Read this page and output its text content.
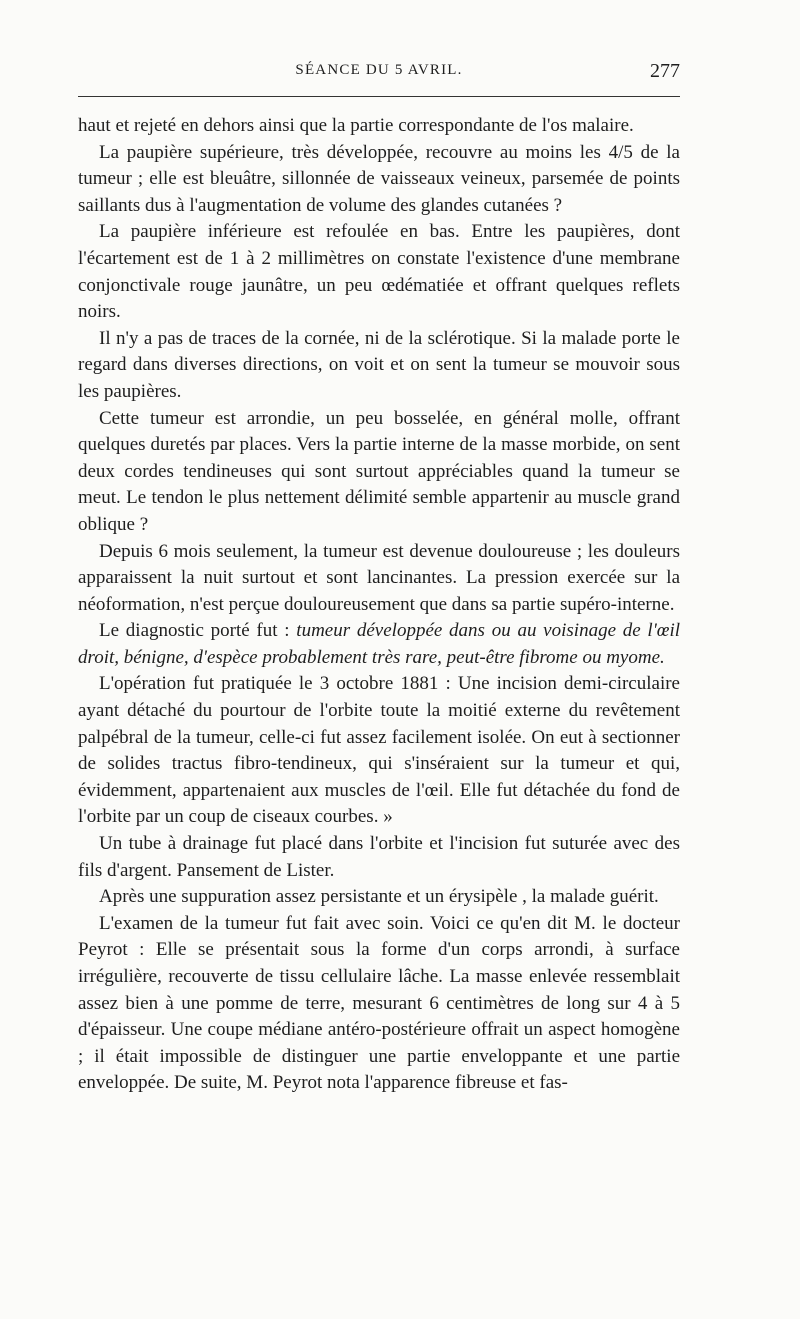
SÉANCE DU 5 AVRIL.	277

haut et rejeté en dehors ainsi que la partie correspondante de l'os malaire.

La paupière supérieure, très développée, recouvre au moins les 4/5 de la tumeur ; elle est bleuâtre, sillonnée de vaisseaux veineux, parsemée de points saillants dus à l'augmentation de volume des glandes cutanées ?

La paupière inférieure est refoulée en bas. Entre les paupières, dont l'écartement est de 1 à 2 millimètres on constate l'existence d'une membrane conjonctivale rouge jaunâtre, un peu œdématiée et offrant quelques reflets noirs.

Il n'y a pas de traces de la cornée, ni de la sclérotique. Si la malade porte le regard dans diverses directions, on voit et on sent la tumeur se mouvoir sous les paupières.

Cette tumeur est arrondie, un peu bosselée, en général molle, offrant quelques duretés par places. Vers la partie interne de la masse morbide, on sent deux cordes tendineuses qui sont surtout appréciables quand la tumeur se meut. Le tendon le plus nettement délimité semble appartenir au muscle grand oblique ?

Depuis 6 mois seulement, la tumeur est devenue douloureuse ; les douleurs apparaissent la nuit surtout et sont lancinantes. La pression exercée sur la néoformation, n'est perçue douloureusement que dans sa partie supéro-interne.

Le diagnostic porté fut : tumeur développée dans ou au voisinage de l'œil droit, bénigne, d'espèce probablement très rare, peut-être fibrome ou myome.

L'opération fut pratiquée le 3 octobre 1881 : Une incision demi-circulaire ayant détaché du pourtour de l'orbite toute la moitié externe du revêtement palpébral de la tumeur, celle-ci fut assez facilement isolée. On eut à sectionner de solides tractus fibro-tendineux, qui s'inséraient sur la tumeur et qui, évidemment, appartenaient aux muscles de l'œil. Elle fut détachée du fond de l'orbite par un coup de ciseaux courbes. »

Un tube à drainage fut placé dans l'orbite et l'incision fut suturée avec des fils d'argent. Pansement de Lister.

Après une suppuration assez persistante et un érysipèle , la malade guérit.

L'examen de la tumeur fut fait avec soin. Voici ce qu'en dit M. le docteur Peyrot : Elle se présentait sous la forme d'un corps arrondi, à surface irrégulière, recouverte de tissu cellulaire lâche. La masse enlevée ressemblait assez bien à une pomme de terre, mesurant 6 centimètres de long sur 4 à 5 d'épaisseur. Une coupe médiane antéro-postérieure offrait un aspect homogène ; il était impossible de distinguer une partie enveloppante et une partie enveloppée. De suite, M. Peyrot nota l'apparence fibreuse et fas-
